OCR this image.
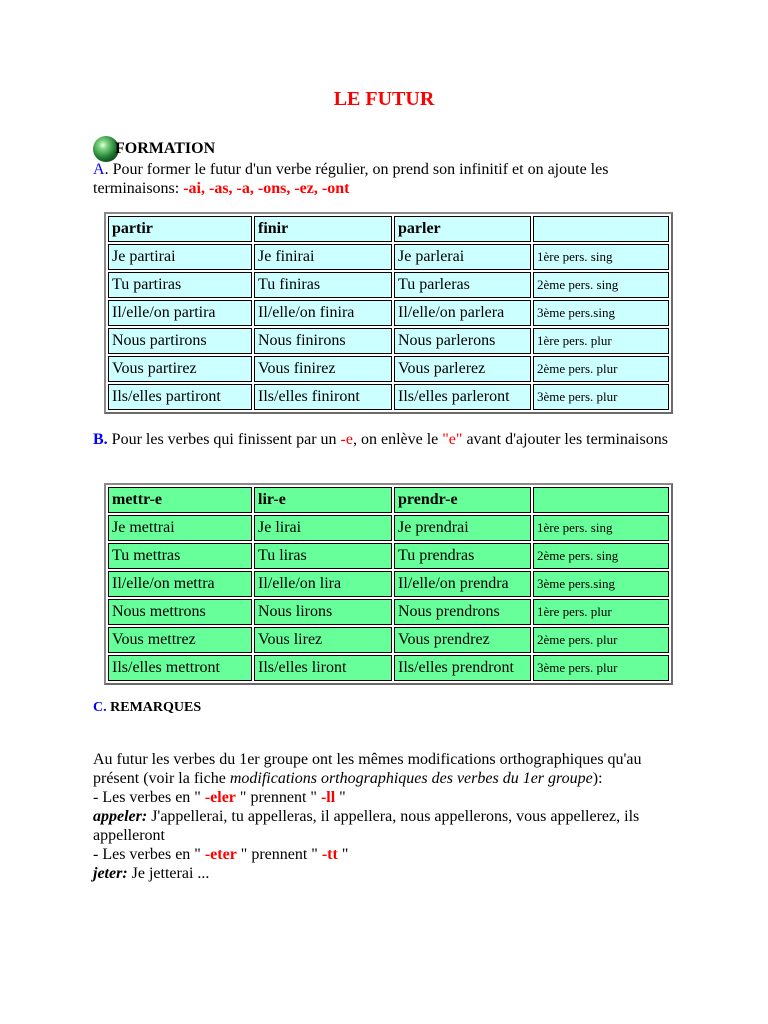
LE FUTUR
FORMATION
A. Pour former le futur d'un verbe régulier, on prend son infinitif et on ajoute les terminaisons: -ai, -as, -a, -ons, -ez, -ont
partir	finir	parler	
Je partirai	Je finirai	Je parlerai	1ère pers. sing
Tu partiras	Tu finiras	Tu parleras	2ème pers. sing
Il/elle/on partira	Il/elle/on finira	Il/elle/on parlera	3ème pers.sing
Nous partirons	Nous finirons	Nous parlerons	1ère pers. plur
Vous partirez	Vous finirez	Vous parlerez	2ème pers. plur
Ils/elles partiront	Ils/elles finiront	Ils/elles parleront	3ème pers. plur
B. Pour les verbes qui finissent par un -e, on enlève le "e" avant d'ajouter les terminaisons
mettr-e	lir-e	prendr-e	
Je mettrai	Je lirai	Je prendrai	1ère pers. sing
Tu mettras	Tu liras	Tu prendras	2ème pers. sing
Il/elle/on mettra	Il/elle/on lira	Il/elle/on prendra	3ème pers.sing
Nous mettrons	Nous lirons	Nous prendrons	1ère pers. plur
Vous mettrez	Vous lirez	Vous prendrez	2ème pers. plur
Ils/elles mettront	Ils/elles liront	Ils/elles prendront	3ème pers. plur
C. REMARQUES
Au futur les verbes du 1er groupe ont les mêmes modifications orthographiques qu'au présent (voir la fiche modifications orthographiques des verbes du 1er groupe):
- Les verbes en " -eler " prennent " -ll "
appeler: J'appellerai, tu appelleras, il appellera, nous appellerons, vous appellerez, ils appelleront
- Les verbes en " -eter " prennent " -tt "
jeter: Je jetterai ...
